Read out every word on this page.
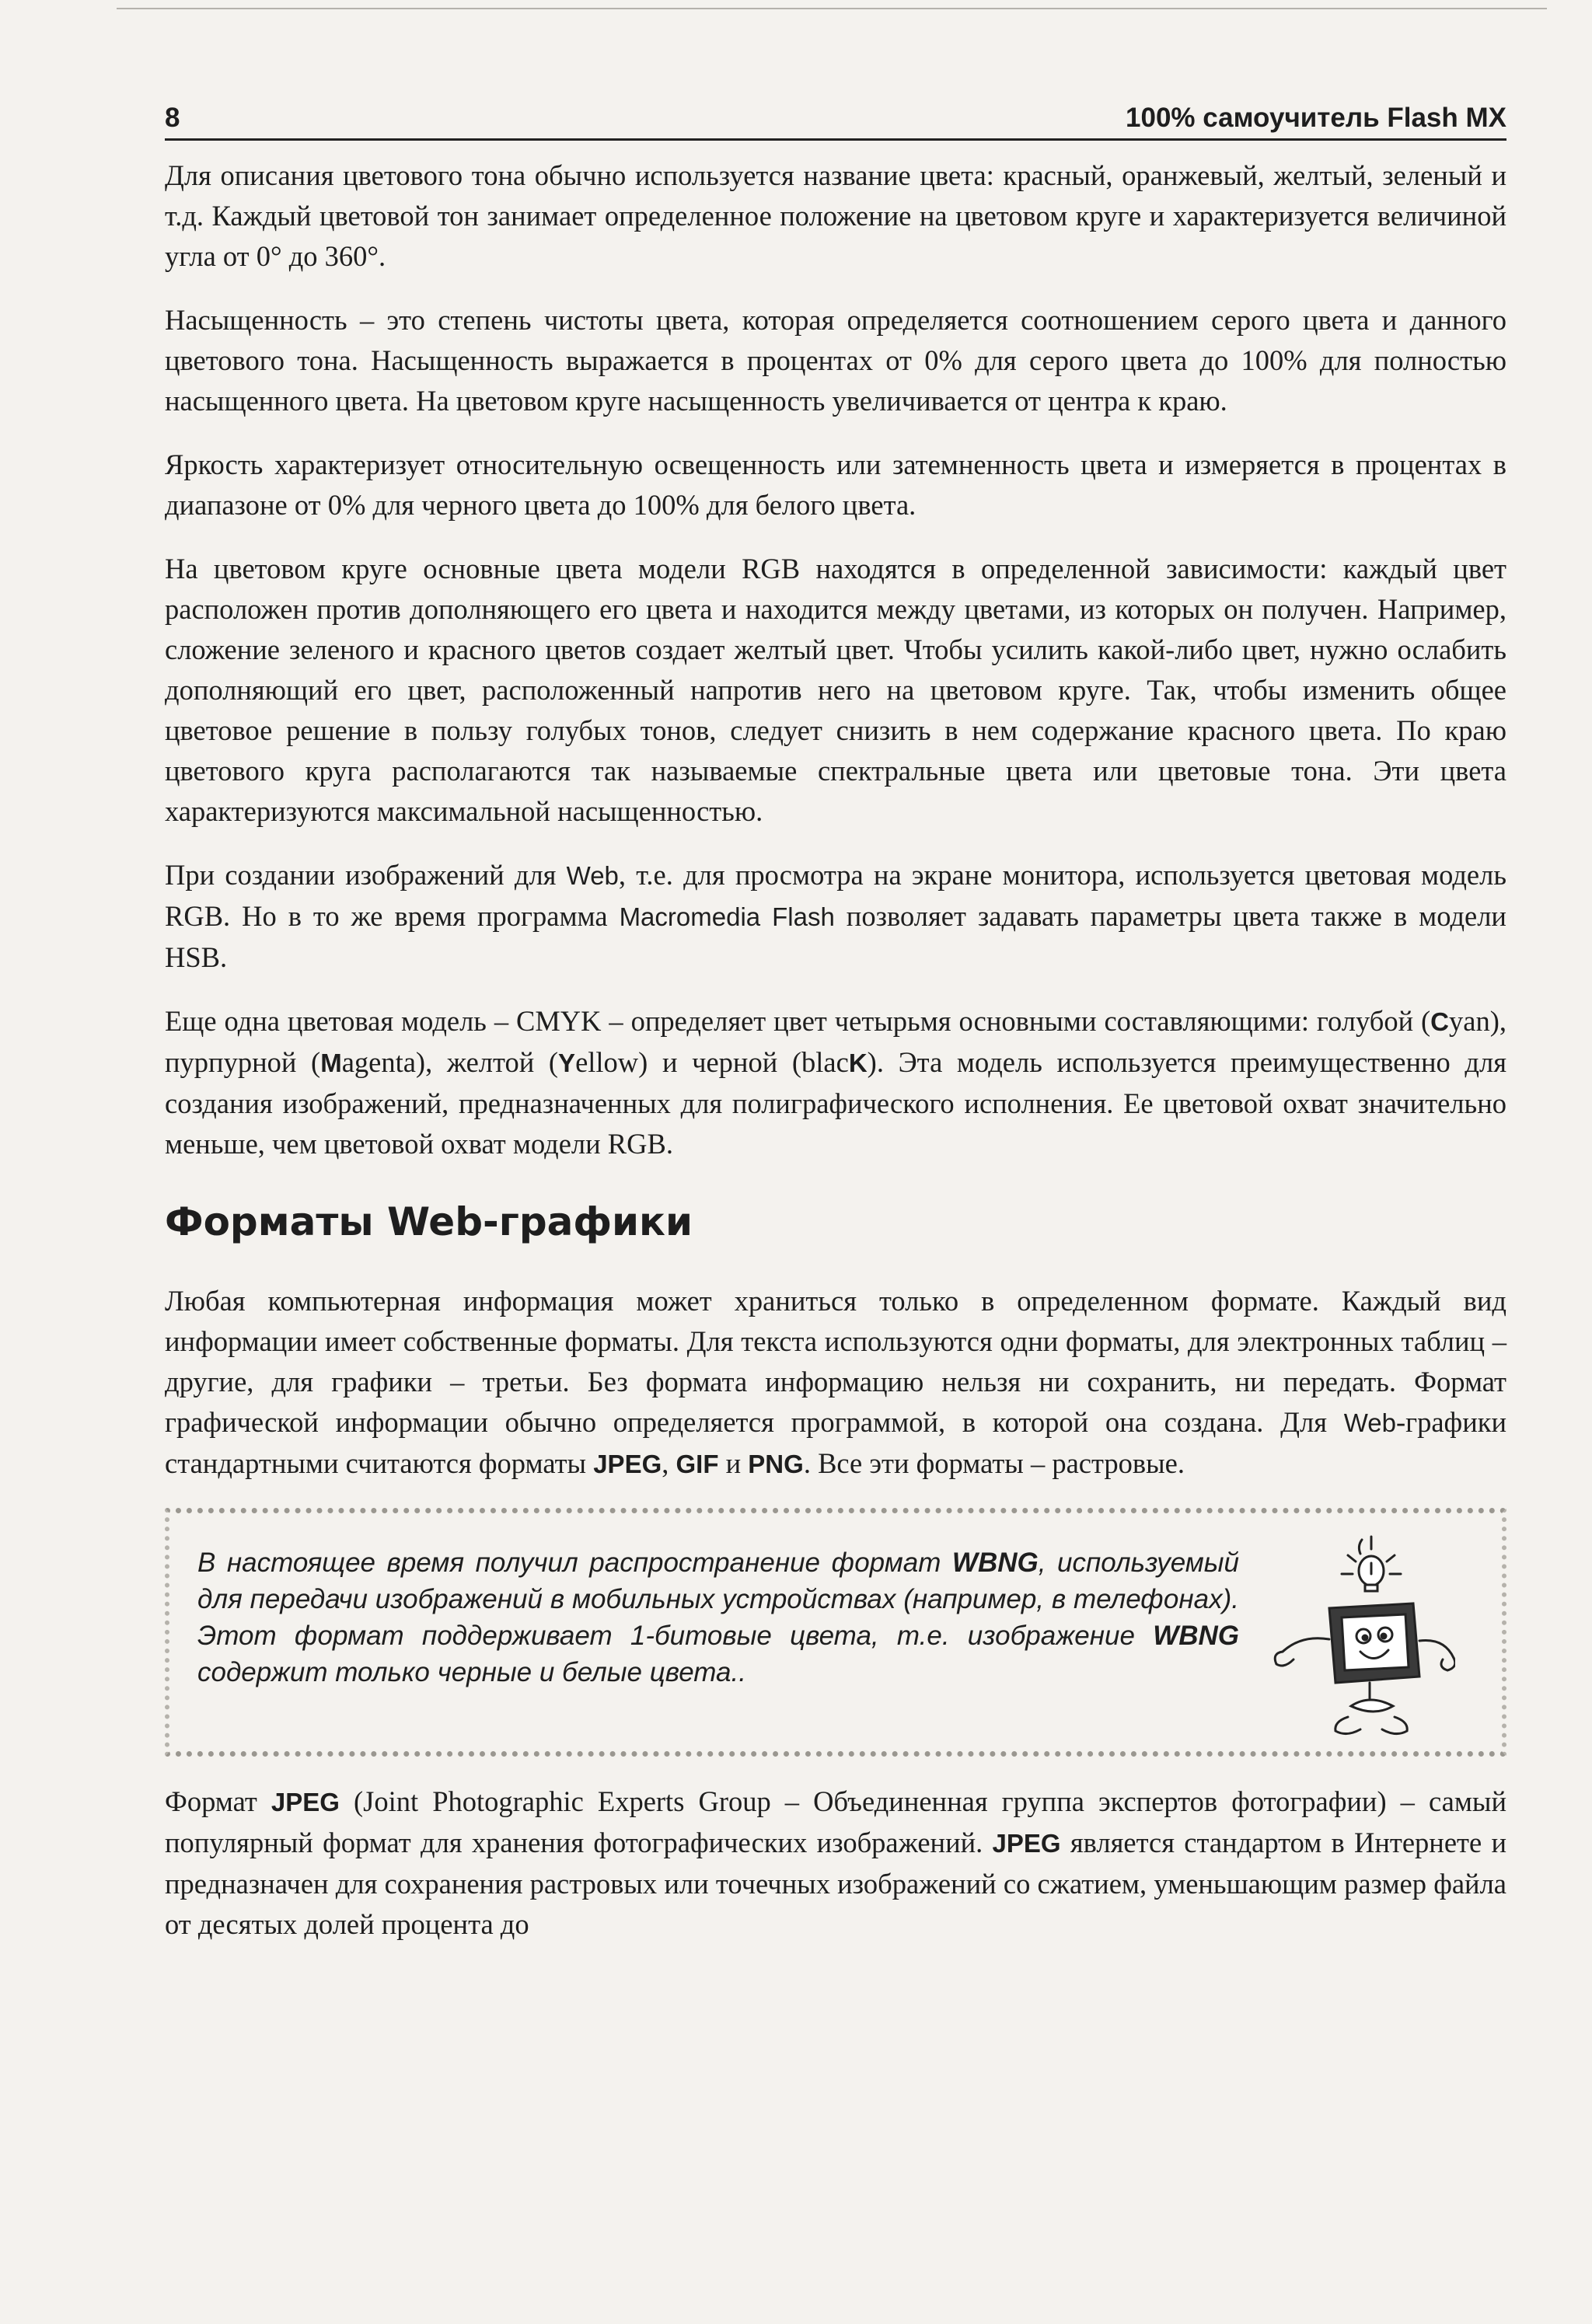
8	100% самоучитель Flash MX

Для описания цветового тона обычно используется название цвета: красный, оранжевый, желтый, зеленый и т.д. Каждый цветовой тон занимает определенное положение на цветовом круге и характеризуется величиной угла от 0° до 360°.

Насыщенность – это степень чистоты цвета, которая определяется соотношением серого цвета и данного цветового тона. Насыщенность выражается в процентах от 0% для серого цвета до 100% для полностью насыщенного цвета. На цветовом круге насыщенность увеличивается от центра к краю.

Яркость характеризует относительную освещенность или затемненность цвета и измеряется в процентах в диапазоне от 0% для черного цвета до 100% для белого цвета.

На цветовом круге основные цвета модели RGB находятся в определенной зависимости: каждый цвет расположен против дополняющего его цвета и находится между цветами, из которых он получен. Например, сложение зеленого и красного цветов создает желтый цвет. Чтобы усилить какой-либо цвет, нужно ослабить дополняющий его цвет, расположенный напротив него на цветовом круге. Так, чтобы изменить общее цветовое решение в пользу голубых тонов, следует снизить в нем содержание красного цвета. По краю цветового круга располагаются так называемые спектральные цвета или цветовые тона. Эти цвета характеризуются максимальной насыщенностью.

При создании изображений для Web, т.е. для просмотра на экране монитора, используется цветовая модель RGB. Но в то же время программа Macromedia Flash позволяет задавать параметры цвета также в модели HSB.

Еще одна цветовая модель – CMYK – определяет цвет четырьмя основными составляющими: голубой (Cyan), пурпурной (Magenta), желтой (Yellow) и черной (blacK). Эта модель используется преимущественно для создания изображений, предназначенных для полиграфического исполнения. Ее цветовой охват значительно меньше, чем цветовой охват модели RGB.

Форматы Web-графики

Любая компьютерная информация может храниться только в определенном формате. Каждый вид информации имеет собственные форматы. Для текста используются одни форматы, для электронных таблиц – другие, для графики – третьи. Без формата информацию нельзя ни сохранить, ни передать. Формат графической информации обычно определяется программой, в которой она создана. Для Web-графики стандартными считаются форматы JPEG, GIF и PNG. Все эти форматы – растровые.

В настоящее время получил распространение формат WBNG, используемый для передачи изображений в мобильных устройствах (например, в телефонах). Этот формат поддерживает 1-битовые цвета, т.е. изображение WBNG содержит только черные и белые цвета..

Формат JPEG (Joint Photographic Experts Group – Объединенная группа экспертов фотографии) – самый популярный формат для хранения фотографических изображений. JPEG является стандартом в Интернете и предназначен для сохранения растровых или точечных изображений со сжатием, уменьшающим размер файла от десятых долей процента до
